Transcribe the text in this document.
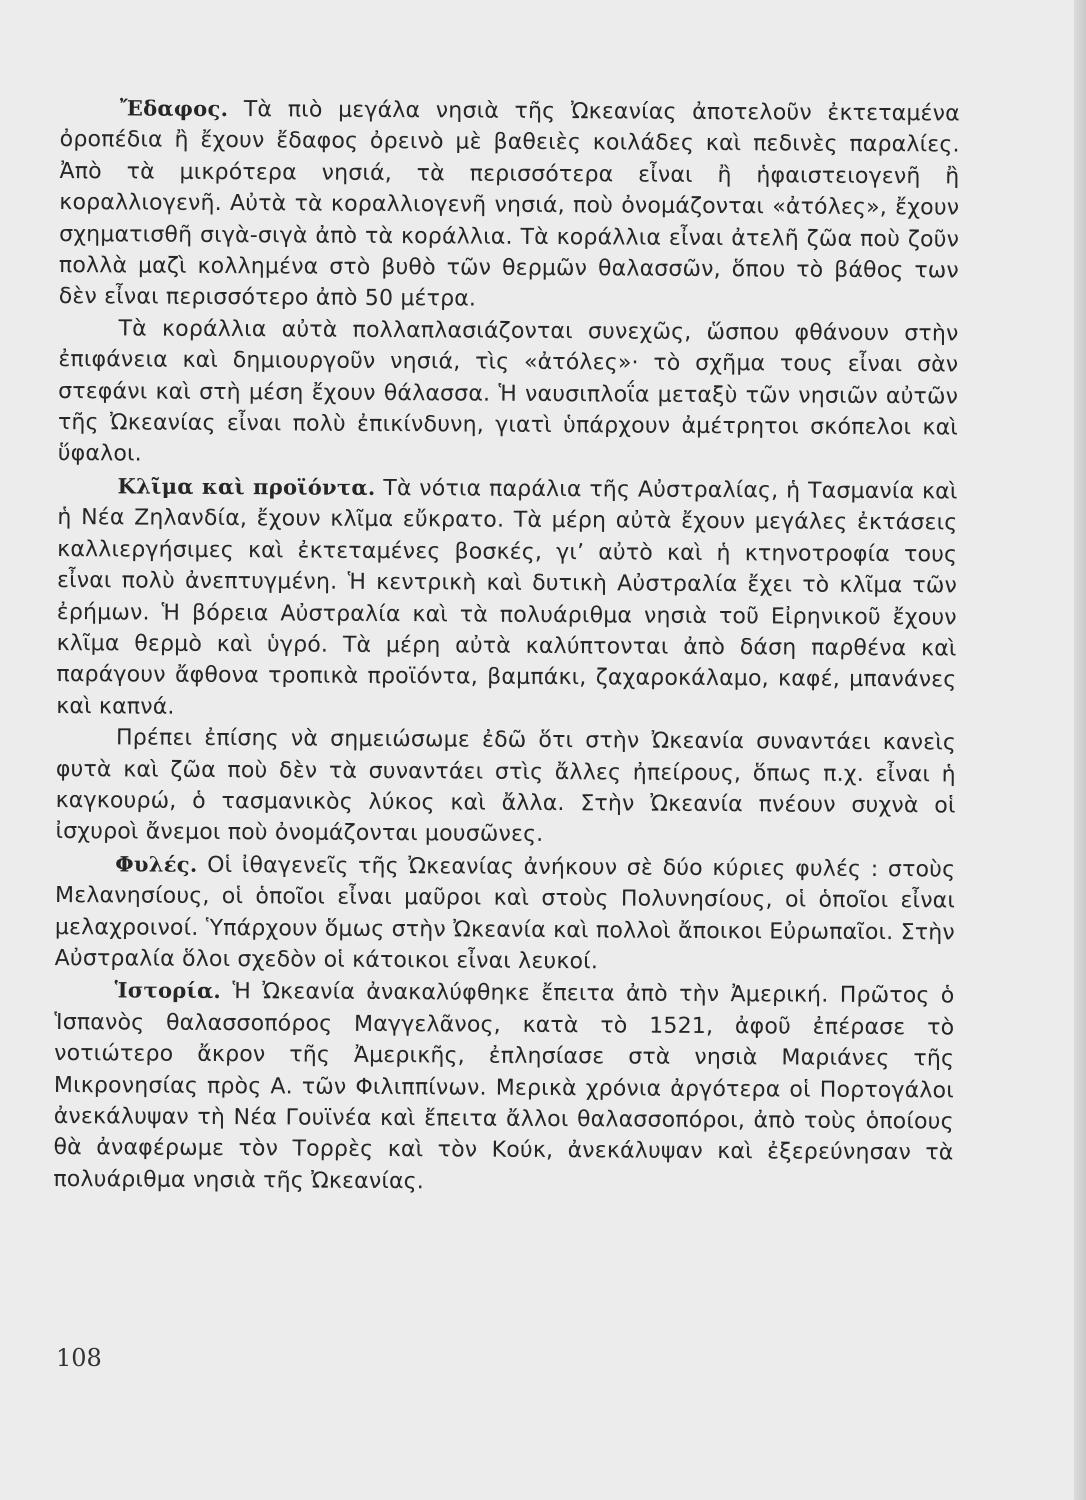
Ἔδαφος. Τὰ πιὸ μεγάλα νησιὰ τῆς Ὠκεανίας ἀποτελοῦν ἐκτεταμένα ὀροπέδια ἢ ἔχουν ἔδαφος ὀρεινὸ μὲ βαθειὲς κοιλάδες καὶ πεδινὲς παραλίες. Ἀπὸ τὰ μικρότερα νησιά, τὰ περισσότερα εἶναι ἢ ἡφαιστειογενῆ ἢ κοραλλιογενῆ. Αὐτὰ τὰ κοραλλιογενῆ νησιά, ποὺ ὀνομάζονται «ἀτόλες», ἔχουν σχηματισθῆ σιγὰ-σιγὰ ἀπὸ τὰ κοράλλια. Τὰ κοράλλια εἶναι ἀτελῆ ζῶα ποὺ ζοῦν πολλὰ μαζὶ κολλημένα στὸ βυθὸ τῶν θερμῶν θαλασσῶν, ὅπου τὸ βάθος των δὲν εἶναι περισσότερο ἀπὸ 50 μέτρα.

Τὰ κοράλλια αὐτὰ πολλαπλασιάζονται συνεχῶς, ὥσπου φθάνουν στὴν ἐπιφάνεια καὶ δημιουργοῦν νησιά, τὶς «ἀτόλες»· τὸ σχῆμα τους εἶναι σὰν στεφάνι καὶ στὴ μέση ἔχουν θάλασσα. Ἡ ναυσιπλοΐα μεταξὺ τῶν νησιῶν αὐτῶν τῆς Ὠκεανίας εἶναι πολὺ ἐπικίνδυνη, γιατὶ ὑπάρχουν ἀμέτρητοι σκόπελοι καὶ ὕφαλοι.

Κλῖμα καὶ προϊόντα. Τὰ νότια παράλια τῆς Αὐστραλίας, ἡ Τασμανία καὶ ἡ Νέα Ζηλανδία, ἔχουν κλῖμα εὔκρατο. Τὰ μέρη αὐτὰ ἔχουν μεγάλες ἐκτάσεις καλλιεργήσιμες καὶ ἐκτεταμένες βοσκές, γι’ αὐτὸ καὶ ἡ κτηνοτροφία τους εἶναι πολὺ ἀνεπτυγμένη. Ἡ κεντρικὴ καὶ δυτικὴ Αὐστραλία ἔχει τὸ κλῖμα τῶν ἐρήμων. Ἡ βόρεια Αὐστραλία καὶ τὰ πολυάριθμα νησιὰ τοῦ Εἰρηνικοῦ ἔχουν κλῖμα θερμὸ καὶ ὑγρό. Τὰ μέρη αὐτὰ καλύπτονται ἀπὸ δάση παρθένα καὶ παράγουν ἄφθονα τροπικὰ προϊόντα, βαμπάκι, ζαχαροκάλαμο, καφέ, μπανάνες καὶ καπνά.

Πρέπει ἐπίσης νὰ σημειώσωμε ἐδῶ ὅτι στὴν Ὠκεανία συναντάει κανεὶς φυτὰ καὶ ζῶα ποὺ δὲν τὰ συναντάει στὶς ἄλλες ἠπείρους, ὅπως π.χ. εἶναι ἡ καγκουρώ, ὁ τασμανικὸς λύκος καὶ ἄλλα. Στὴν Ὠκεανία πνέουν συχνὰ οἱ ἰσχυροὶ ἄνεμοι ποὺ ὀνομάζονται μουσῶνες.

Φυλές. Οἱ ἰθαγενεῖς τῆς Ὠκεανίας ἀνήκουν σὲ δύο κύριες φυλές : στοὺς Μελανησίους, οἱ ὁποῖοι εἶναι μαῦροι καὶ στοὺς Πολυνησίους, οἱ ὁποῖοι εἶναι μελαχροινοί. Ὑπάρχουν ὅμως στὴν Ὠκεανία καὶ πολλοὶ ἄποικοι Εὐρωπαῖοι. Στὴν Αὐστραλία ὅλοι σχεδὸν οἱ κάτοικοι εἶναι λευκοί.

Ἱστορία. Ἡ Ὠκεανία ἀνακαλύφθηκε ἔπειτα ἀπὸ τὴν Ἀμερική. Πρῶτος ὁ Ἱσπανὸς θαλασσοπόρος Μαγγελᾶνος, κατὰ τὸ 1521, ἀφοῦ ἐπέρασε τὸ νοτιώτερο ἄκρον τῆς Ἀμερικῆς, ἐπλησίασε στὰ νησιὰ Μαριάνες τῆς Μικρονησίας πρὸς Α. τῶν Φιλιππίνων. Μερικὰ χρόνια ἀργότερα οἱ Πορτογάλοι ἀνεκάλυψαν τὴ Νέα Γουϊνέα καὶ ἔπειτα ἄλλοι θαλασσοπόροι, ἀπὸ τοὺς ὁποίους θὰ ἀναφέρωμε τὸν Τορρὲς καὶ τὸν Κούκ, ἀνεκάλυψαν καὶ ἐξερεύνησαν τὰ πολυάριθμα νησιὰ τῆς Ὠκεανίας.

108
